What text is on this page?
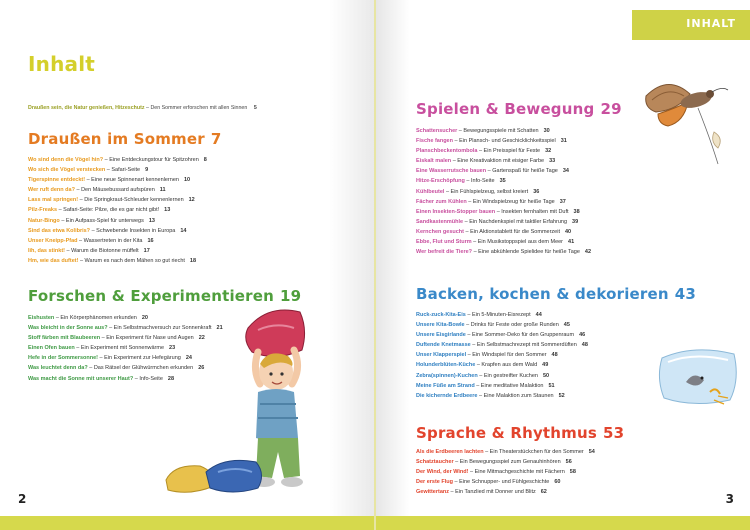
Inhalt
Draußen sein, die Natur genießen, Hitzeschutz – Den Sommer erforschen mit allen Sinnen 5
Draußen im Sommer 7
Wo sind denn die Vögel hin? – Eine Entdeckungstour für Spitzohren 8
Wo sich die Vögel verstecken – Safari-Seite 9
Tigerspinne entdeckt! – Eine neue Spinnenart kennenlernen 10
Wer ruft denn da? – Den Mäusebussard aufspüren 11
Lass mal springen! – Die Springkraut-Schleuder kennenlernen 12
Pilz-Freaks – Safari-Seite: Pilze, die es gar nicht gibt! 13
Natur-Bingo – Ein Aufpass-Spiel für unterwegs 13
Sind das etwa Kolibris? – Schwebende Insekten in Europa 14
Unser Kneipp-Pfad – Wassertreten in der Kita 16
Iih, das stinkt! – Warum die Biotonne müffelt 17
Hm, wie das duftet! – Warum es nach dem Mähen so gut riecht 18
Forschen & Experimentieren 19
Eishusten – Ein Körperphänomen erkunden 20
Was bleicht in der Sonne aus? – Ein Selbstmachversuch zur Sonnenkraft 21
Stoff färben mit Blaubeeren – Ein Experiment für Nase und Augen 22
Einen Ofen bauen – Ein Experiment mit Sonnenwärme 23
Hefe in der Sommersonne! – Ein Experiment zur Hefegärung 24
Was leuchtet denn da? – Das Rätsel der Glühwürmchen erkunden 26
Was macht die Sonne mit unserer Haut? – Info-Seite 28
2
INHALT
Spielen & Bewegung 29
Schattensucher – Bewegungsspiele mit Schatten 30
Fische fangen – Ein Plansch- und Geschicklichkeitsspiel 31
Planschbeckentombola – Ein Preisspiel für Feste 32
Eiskalt malen – Eine Kreativaktion mit eisiger Farbe 33
Eine Wasserrutsche bauen – Gartenspaß für heiße Tage 34
Hitze-Erschöpfung – Info-Seite 35
Kühlbeutel – Ein Fühlspielzeug, selbst kreiert 36
Fächer zum Kühlen – Ein Windspielzeug für heiße Tage 37
Einen Insekten-Stopper bauen – Insekten fernhalten mit Duft 38
Sandkastenmühle – Ein Nachdenkspiel mit taktiler Erfahrung 39
Kernchen gesucht – Ein Aktionstablett für die Sommerzeit 40
Ebbe, Flut und Sturm – Ein Musikstoppspiel aus dem Meer 41
Wer befreit die Tiere? – Eine abkühlende Spielidee für heiße Tage 42
Backen, kochen & dekorieren 43
Ruck-zuck-Kita-Eis – Ein 5-Minuten-Eisrezept 44
Unsere Kita-Bowle – Drinks für Feste oder große Runden 45
Unsere Eisgirlande – Eine Sommer-Deko für den Gruppenraum 46
Duftende Knetmasse – Ein Selbstmachrezept mit Sommerdüften 48
Unser Klapperspiel – Ein Windspiel für den Sommer 48
Holunderblüten-Küche – Krapfen aus dem Wald 49
Zebra(spinnen)-Kuchen – Ein gestreifter Kuchen 50
Meine Füße am Strand – Eine meditative Malaktion 51
Die kichernde Erdbeere – Eine Malaktion zum Staunen 52
Sprache & Rhythmus 53
Als die Erdbeeren lachten – Ein Theaterstückchen für den Sommer 54
Schatztaucher – Ein Bewegungsspiel zum Genauhinhören 56
Der Wind, der Wind! – Eine Mitmachgeschichte mit Fächern 58
Der erste Flug – Eine Schnupper- und Fühlgeschichte 60
Gewittertanz – Ein Tanzlied mit Donner und Blitz 62	3
